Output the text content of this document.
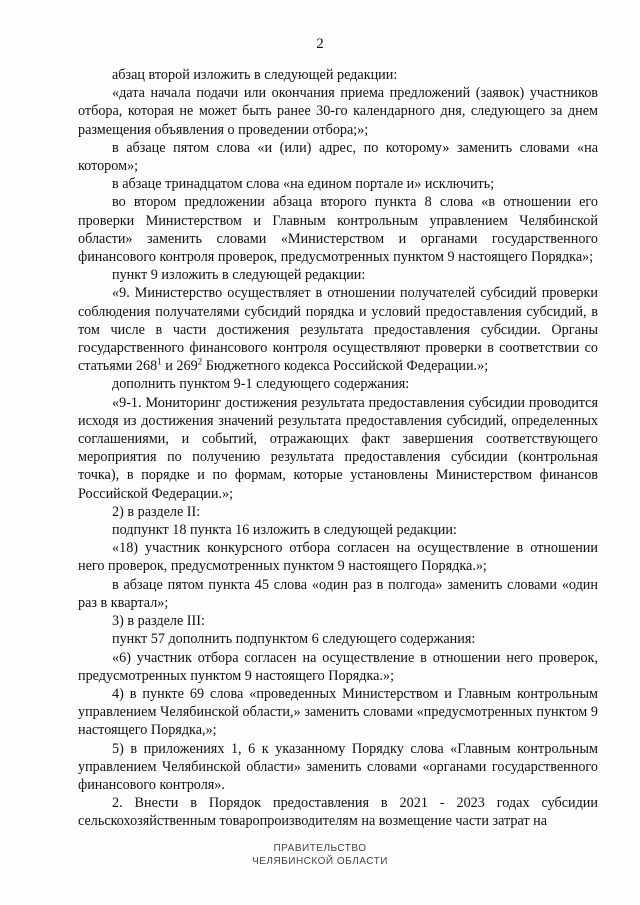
2

абзац второй изложить в следующей редакции:

«дата начала подачи или окончания приема предложений (заявок) участников отбора, которая не может быть ранее 30-го календарного дня, следующего за днем размещения объявления о проведении отбора;»;

в абзаце пятом слова «и (или) адрес, по которому» заменить словами «на котором»;

в абзаце тринадцатом слова «на едином портале и» исключить;

во втором предложении абзаца второго пункта 8 слова «в отношении его проверки Министерством и Главным контрольным управлением Челябинской области» заменить словами «Министерством и органами государственного финансового контроля проверок, предусмотренных пунктом 9 настоящего Порядка»;

пункт 9 изложить в следующей редакции:

«9. Министерство осуществляет в отношении получателей субсидий проверки соблюдения получателями субсидий порядка и условий предоставления субсидий, в том числе в части достижения результата предоставления субсидии. Органы государственного финансового контроля осуществляют проверки в соответствии со статьями $268^1$ и $269^2$ Бюджетного кодекса Российской Федерации.»;

дополнить пунктом 9-1 следующего содержания:

«9-1. Мониторинг достижения результата предоставления субсидии проводится исходя из достижения значений результата предоставления субсидий, определенных соглашениями, и событий, отражающих факт завершения соответствующего мероприятия по получению результата предоставления субсидии (контрольная точка), в порядке и по формам, которые установлены Министерством финансов Российской Федерации.»;

2) в разделе II:

подпункт 18 пункта 16 изложить в следующей редакции:

«18) участник конкурсного отбора согласен на осуществление в отношении него проверок, предусмотренных пунктом 9 настоящего Порядка.»;

в абзаце пятом пункта 45 слова «один раз в полгода» заменить словами «один раз в квартал»;

3) в разделе III:

пункт 57 дополнить подпунктом 6 следующего содержания:

«6) участник отбора согласен на осуществление в отношении него проверок, предусмотренных пунктом 9 настоящего Порядка.»;

4) в пункте 69 слова «проведенных Министерством и Главным контрольным управлением Челябинской области,» заменить словами «предусмотренных пунктом 9 настоящего Порядка,»;

5) в приложениях 1, 6 к указанному Порядку слова «Главным контрольным управлением Челябинской области» заменить словами «органами государственного финансового контроля».

2. Внести в Порядок предоставления в 2021 - 2023 годах субсидии сельскохозяйственным товаропроизводителям на возмещение части затрат на

ПРАВИТЕЛЬСТВО
ЧЕЛЯБИНСКОЙ ОБЛАСТИ
